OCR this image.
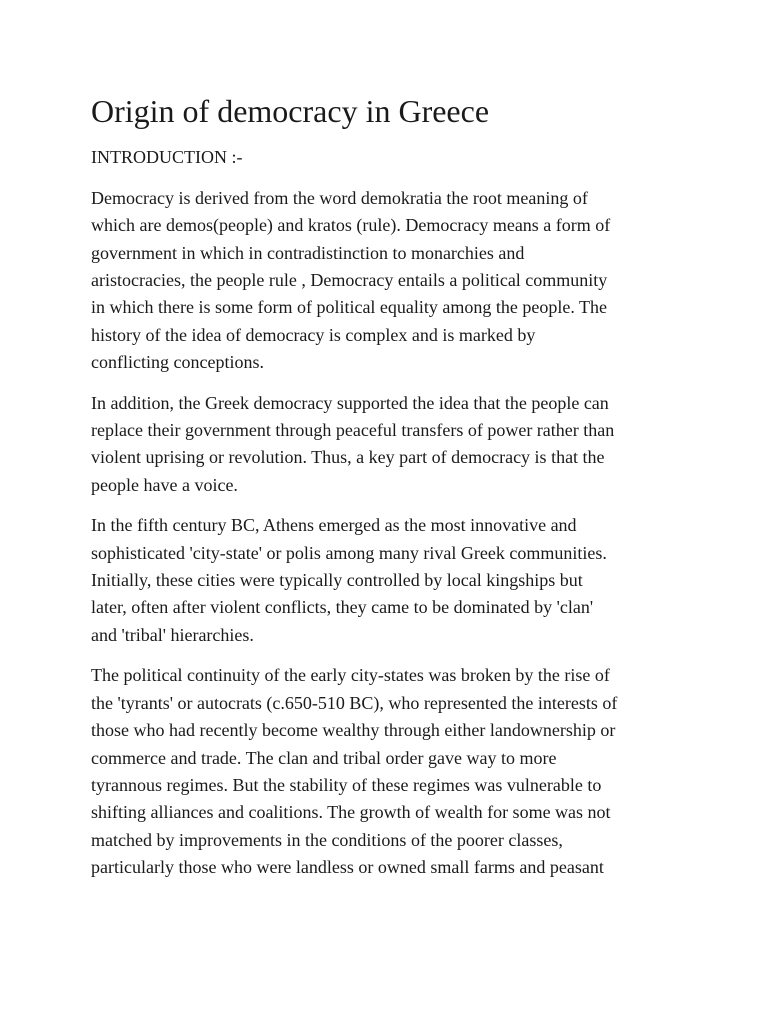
Origin of democracy in Greece

INTRODUCTION :-

Democracy is derived from the word demokratia the root meaning of
which are demos(people) and kratos (rule). Democracy means a form of
government in which in contradistinction to monarchies and
aristocracies, the people rule , Democracy entails a political community
in which there is some form of political equality among the people. The
history of the idea of democracy is complex and is marked by
conflicting conceptions.

In addition, the Greek democracy supported the idea that the people can
replace their government through peaceful transfers of power rather than
violent uprising or revolution. Thus, a key part of democracy is that the
people have a voice.

In the fifth century BC, Athens emerged as the most innovative and
sophisticated 'city-state' or polis among many rival Greek communities.
Initially, these cities were typically controlled by local kingships but
later, often after violent conflicts, they came to be dominated by 'clan'
and 'tribal' hierarchies.

The political continuity of the early city-states was broken by the rise of
the 'tyrants' or autocrats (c.650-510 BC), who represented the interests of
those who had recently become wealthy through either landownership or
commerce and trade. The clan and tribal order gave way to more
tyrannous regimes. But the stability of these regimes was vulnerable to
shifting alliances and coalitions. The growth of wealth for some was not
matched by improvements in the conditions of the poorer classes,
particularly those who were landless or owned small farms and peasant
